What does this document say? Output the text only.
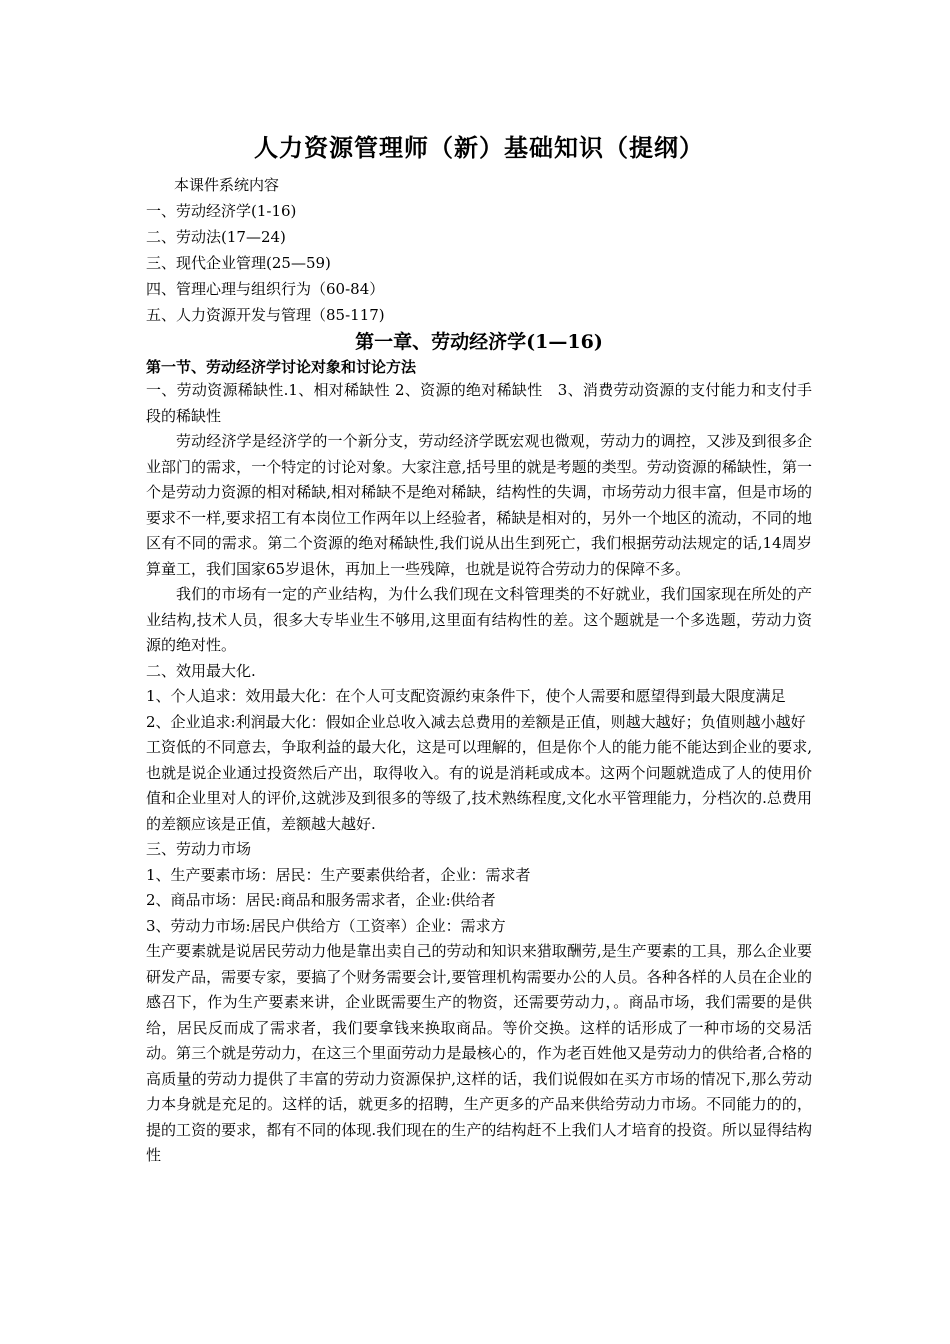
人力资源管理师（新）基础知识（提纲）

本课件系统内容

一、劳动经济学(1-16)

二、劳动法(17—24)

三、现代企业管理(25—59)

四、管理心理与组织行为（60-84）

五、人力资源开发与管理（85-117)

第一章、劳动经济学(1—16)
第一节、劳动经济学讨论对象和讨论方法

一、劳动资源稀缺性.1、相对稀缺性 2、资源的绝对稀缺性　3、消费劳动资源的支付能力和支付手段的稀缺性

劳动经济学是经济学的一个新分支，劳动经济学既宏观也微观，劳动力的调控，又涉及到很多企业部门的需求，一个特定的讨论对象。大家注意,括号里的就是考题的类型。劳动资源的稀缺性，第一个是劳动力资源的相对稀缺,相对稀缺不是绝对稀缺，结构性的失调，市场劳动力很丰富，但是市场的要求不一样,要求招工有本岗位工作两年以上经验者，稀缺是相对的，另外一个地区的流动，不同的地区有不同的需求。第二个资源的绝对稀缺性,我们说从出生到死亡，我们根据劳动法规定的话,14周岁算童工，我们国家65岁退休，再加上一些残障，也就是说符合劳动力的保障不多。

我们的市场有一定的产业结构，为什么我们现在文科管理类的不好就业，我们国家现在所处的产业结构,技术人员，很多大专毕业生不够用,这里面有结构性的差。这个题就是一个多选题，劳动力资源的绝对性。

二、效用最大化.

1、个人追求：效用最大化：在个人可支配资源约束条件下，使个人需要和愿望得到最大限度满足

2、企业追求:利润最大化：假如企业总收入减去总费用的差额是正值，则越大越好；负值则越小越好

工资低的不同意去，争取利益的最大化，这是可以理解的，但是你个人的能力能不能达到企业的要求,也就是说企业通过投资然后产出，取得收入。有的说是消耗或成本。这两个问题就造成了人的使用价值和企业里对人的评价,这就涉及到很多的等级了,技术熟练程度,文化水平管理能力，分档次的.总费用的差额应该是正值，差额越大越好.

三、劳动力市场

1、生产要素市场：居民：生产要素供给者，企业：需求者

2、商品市场：居民:商品和服务需求者，企业:供给者

3、劳动力市场:居民户供给方（工资率）企业：需求方

生产要素就是说居民劳动力他是靠出卖自己的劳动和知识来猎取酬劳,是生产要素的工具，那么企业要研发产品，需要专家，要搞了个财务需要会计,要管理机构需要办公的人员。各种各样的人员在企业的感召下，作为生产要素来讲，企业既需要生产的物资，还需要劳动力，。商品市场，我们需要的是供给，居民反而成了需求者，我们要拿钱来换取商品。等价交换。这样的话形成了一种市场的交易活动。第三个就是劳动力，在这三个里面劳动力是最核心的，作为老百姓他又是劳动力的供给者,合格的高质量的劳动力提供了丰富的劳动力资源保护,这样的话，我们说假如在买方市场的情况下,那么劳动力本身就是充足的。这样的话，就更多的招聘，生产更多的产品来供给劳动力市场。不同能力的的，提的工资的要求，都有不同的体现.我们现在的生产的结构赶不上我们人才培育的投资。所以显得结构性
